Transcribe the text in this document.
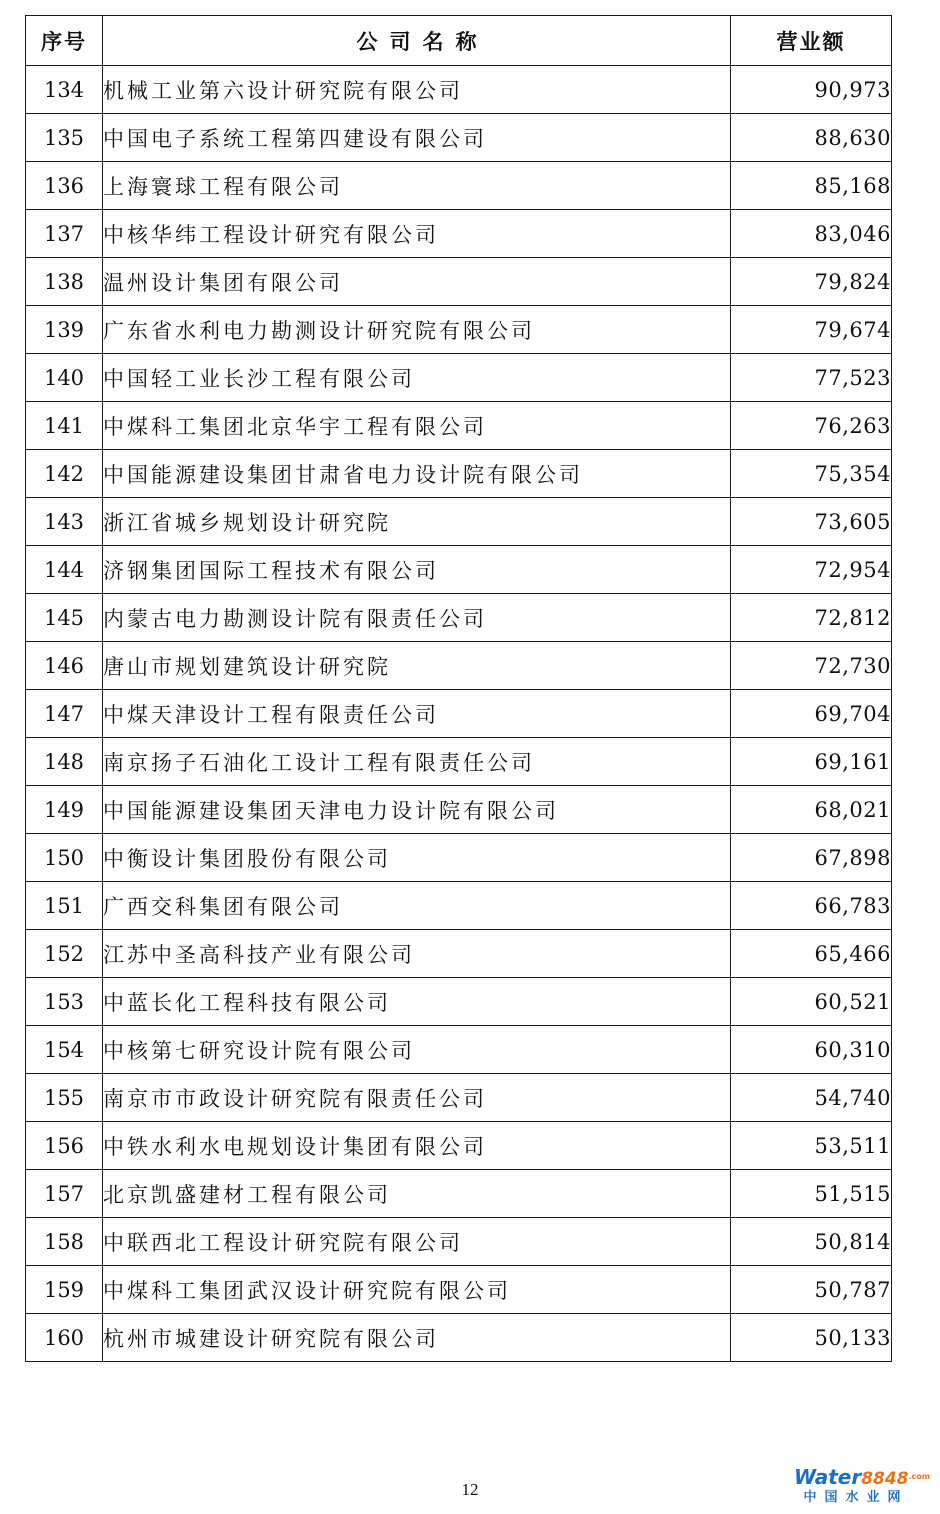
序号	公司名称	营业额
134	机械工业第六设计研究院有限公司	90,973
135	中国电子系统工程第四建设有限公司	88,630
136	上海寰球工程有限公司	85,168
137	中核华纬工程设计研究有限公司	83,046
138	温州设计集团有限公司	79,824
139	广东省水利电力勘测设计研究院有限公司	79,674
140	中国轻工业长沙工程有限公司	77,523
141	中煤科工集团北京华宇工程有限公司	76,263
142	中国能源建设集团甘肃省电力设计院有限公司	75,354
143	浙江省城乡规划设计研究院	73,605
144	济钢集团国际工程技术有限公司	72,954
145	内蒙古电力勘测设计院有限责任公司	72,812
146	唐山市规划建筑设计研究院	72,730
147	中煤天津设计工程有限责任公司	69,704
148	南京扬子石油化工设计工程有限责任公司	69,161
149	中国能源建设集团天津电力设计院有限公司	68,021
150	中衡设计集团股份有限公司	67,898
151	广西交科集团有限公司	66,783
152	江苏中圣高科技产业有限公司	65,466
153	中蓝长化工程科技有限公司	60,521
154	中核第七研究设计院有限公司	60,310
155	南京市市政设计研究院有限责任公司	54,740
156	中铁水利水电规划设计集团有限公司	53,511
157	北京凯盛建材工程有限公司	51,515
158	中联西北工程设计研究院有限公司	50,814
159	中煤科工集团武汉设计研究院有限公司	50,787
160	杭州市城建设计研究院有限公司	50,133
12
$Water8848^{.com}$
中国水业网
